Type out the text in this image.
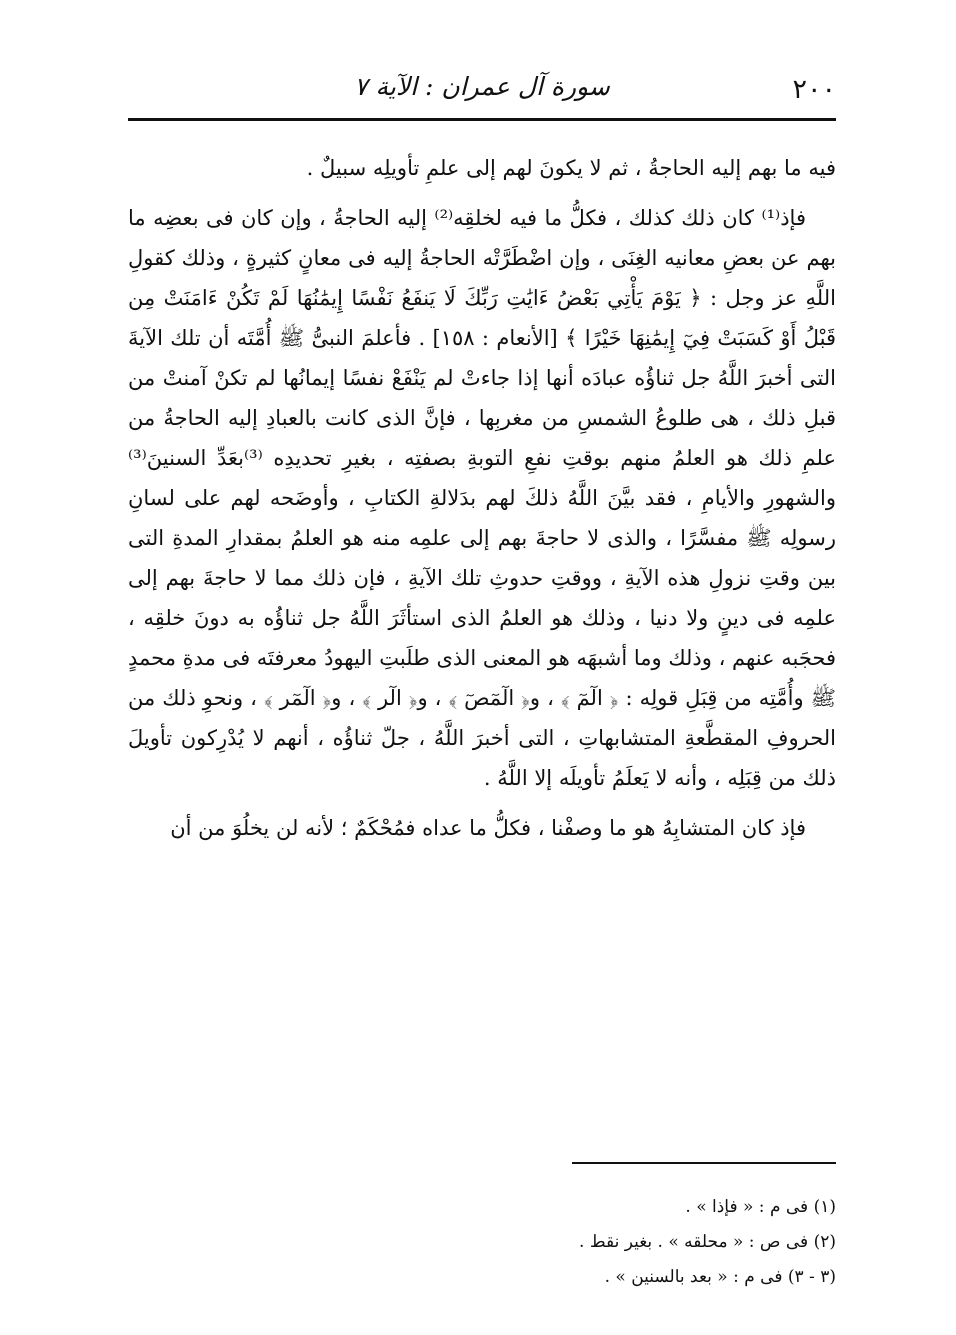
٢٠٠
سورة آل عمران : الآية ٧

فيه ما بهم إليه الحاجةُ ، ثم لا يكونَ لهم إلى علمِ تأويلِه سبيلٌ .

فإذ⁽¹⁾ كان ذلك كذلك ، فكلُّ ما فيه لخلقِه⁽²⁾ إليه الحاجةُ ، وإن كان فى بعضِه ما بهم عن بعضِ معانيه الغِنَى ، وإن اضْطَرَّتْه الحاجةُ إليه فى معانٍ كثيرةٍ ، وذلك كقولِ اللَّهِ عز وجل : ﴿ يَوْمَ يَأْتِي بَعْضُ ءَايَٰتِ رَبِّكَ لَا يَنفَعُ نَفْسًا إِيمَٰنُهَا لَمْ تَكُنْ ءَامَنَتْ مِن قَبْلُ أَوْ كَسَبَتْ فِيٓ إِيمَٰنِهَا خَيْرًا ﴾ [الأنعام : ١٥٨] . فأعلمَ النبىُّ ﷺ أُمَّتَه أن تلك الآيةَ التى أخبرَ اللَّهُ جل ثناؤُه عبادَه أنها إذا جاءتْ لم يَنْفَعْ نفسًا إيمانُها لم تكنْ آمنتْ من قبلِ ذلك ، هى طلوعُ الشمسِ من مغربِها ، فإنَّ الذى كانت بالعبادِ إليه الحاجةُ من علمِ ذلك هو العلمُ منهم بوقتِ نفعِ التوبةِ بصفتِه ، بغيرِ تحديدِه ⁽³⁾بعَدِّ السنينَ⁽³⁾ والشهورِ والأيامِ ، فقد بيَّنَ اللَّهُ ذلكَ لهم بدَلالةِ الكتابِ ، وأوضَحه لهم على لسانِ رسولِه ﷺ مفسَّرًا ، والذى لا حاجةَ بهم إلى علمِه منه هو العلمُ بمقدارِ المدةِ التى بين وقتِ نزولِ هذه الآيةِ ، ووقتِ حدوثِ تلك الآيةِ ، فإن ذلك مما لا حاجةَ بهم إلى علمِه فى دينٍ ولا دنيا ، وذلك هو العلمُ الذى استأثَرَ اللَّهُ جل ثناؤُه به دونَ خلقِه ، فحجَبه عنهم ، وذلك وما أشبهَه هو المعنى الذى طلَبتِ اليهودُ معرفتَه فى مدةِ محمدٍ ﷺ وأُمَّتِه من قِبَلِ قولِه : ﴿ الٓمٓ ﴾ ، و﴿ الٓمٓصٓ ﴾ ، و﴿ الٓر ﴾ ، و﴿ الٓمٓر ﴾ ، ونحوِ ذلك من الحروفِ المقطَّعةِ المتشابهاتِ ، التى أخبرَ اللَّهُ ، جلّ ثناؤُه ، أنهم لا يُدْرِكون تأويلَ ذلك من قِبَلِه ، وأنه لا يَعلَمُ تأويلَه إلا اللَّهُ .

فإذ كان المتشابِهُ هو ما وصفْنا ، فكلُّ ما عداه فمُحْكَمٌ ؛ لأنه لن يخلُوَ من أن

(١) فى م : « فإذا » .
(٢) فى ص : « محلقه » . بغير نقط .
(٣ - ٣) فى م : « بعد بالسنين » .
